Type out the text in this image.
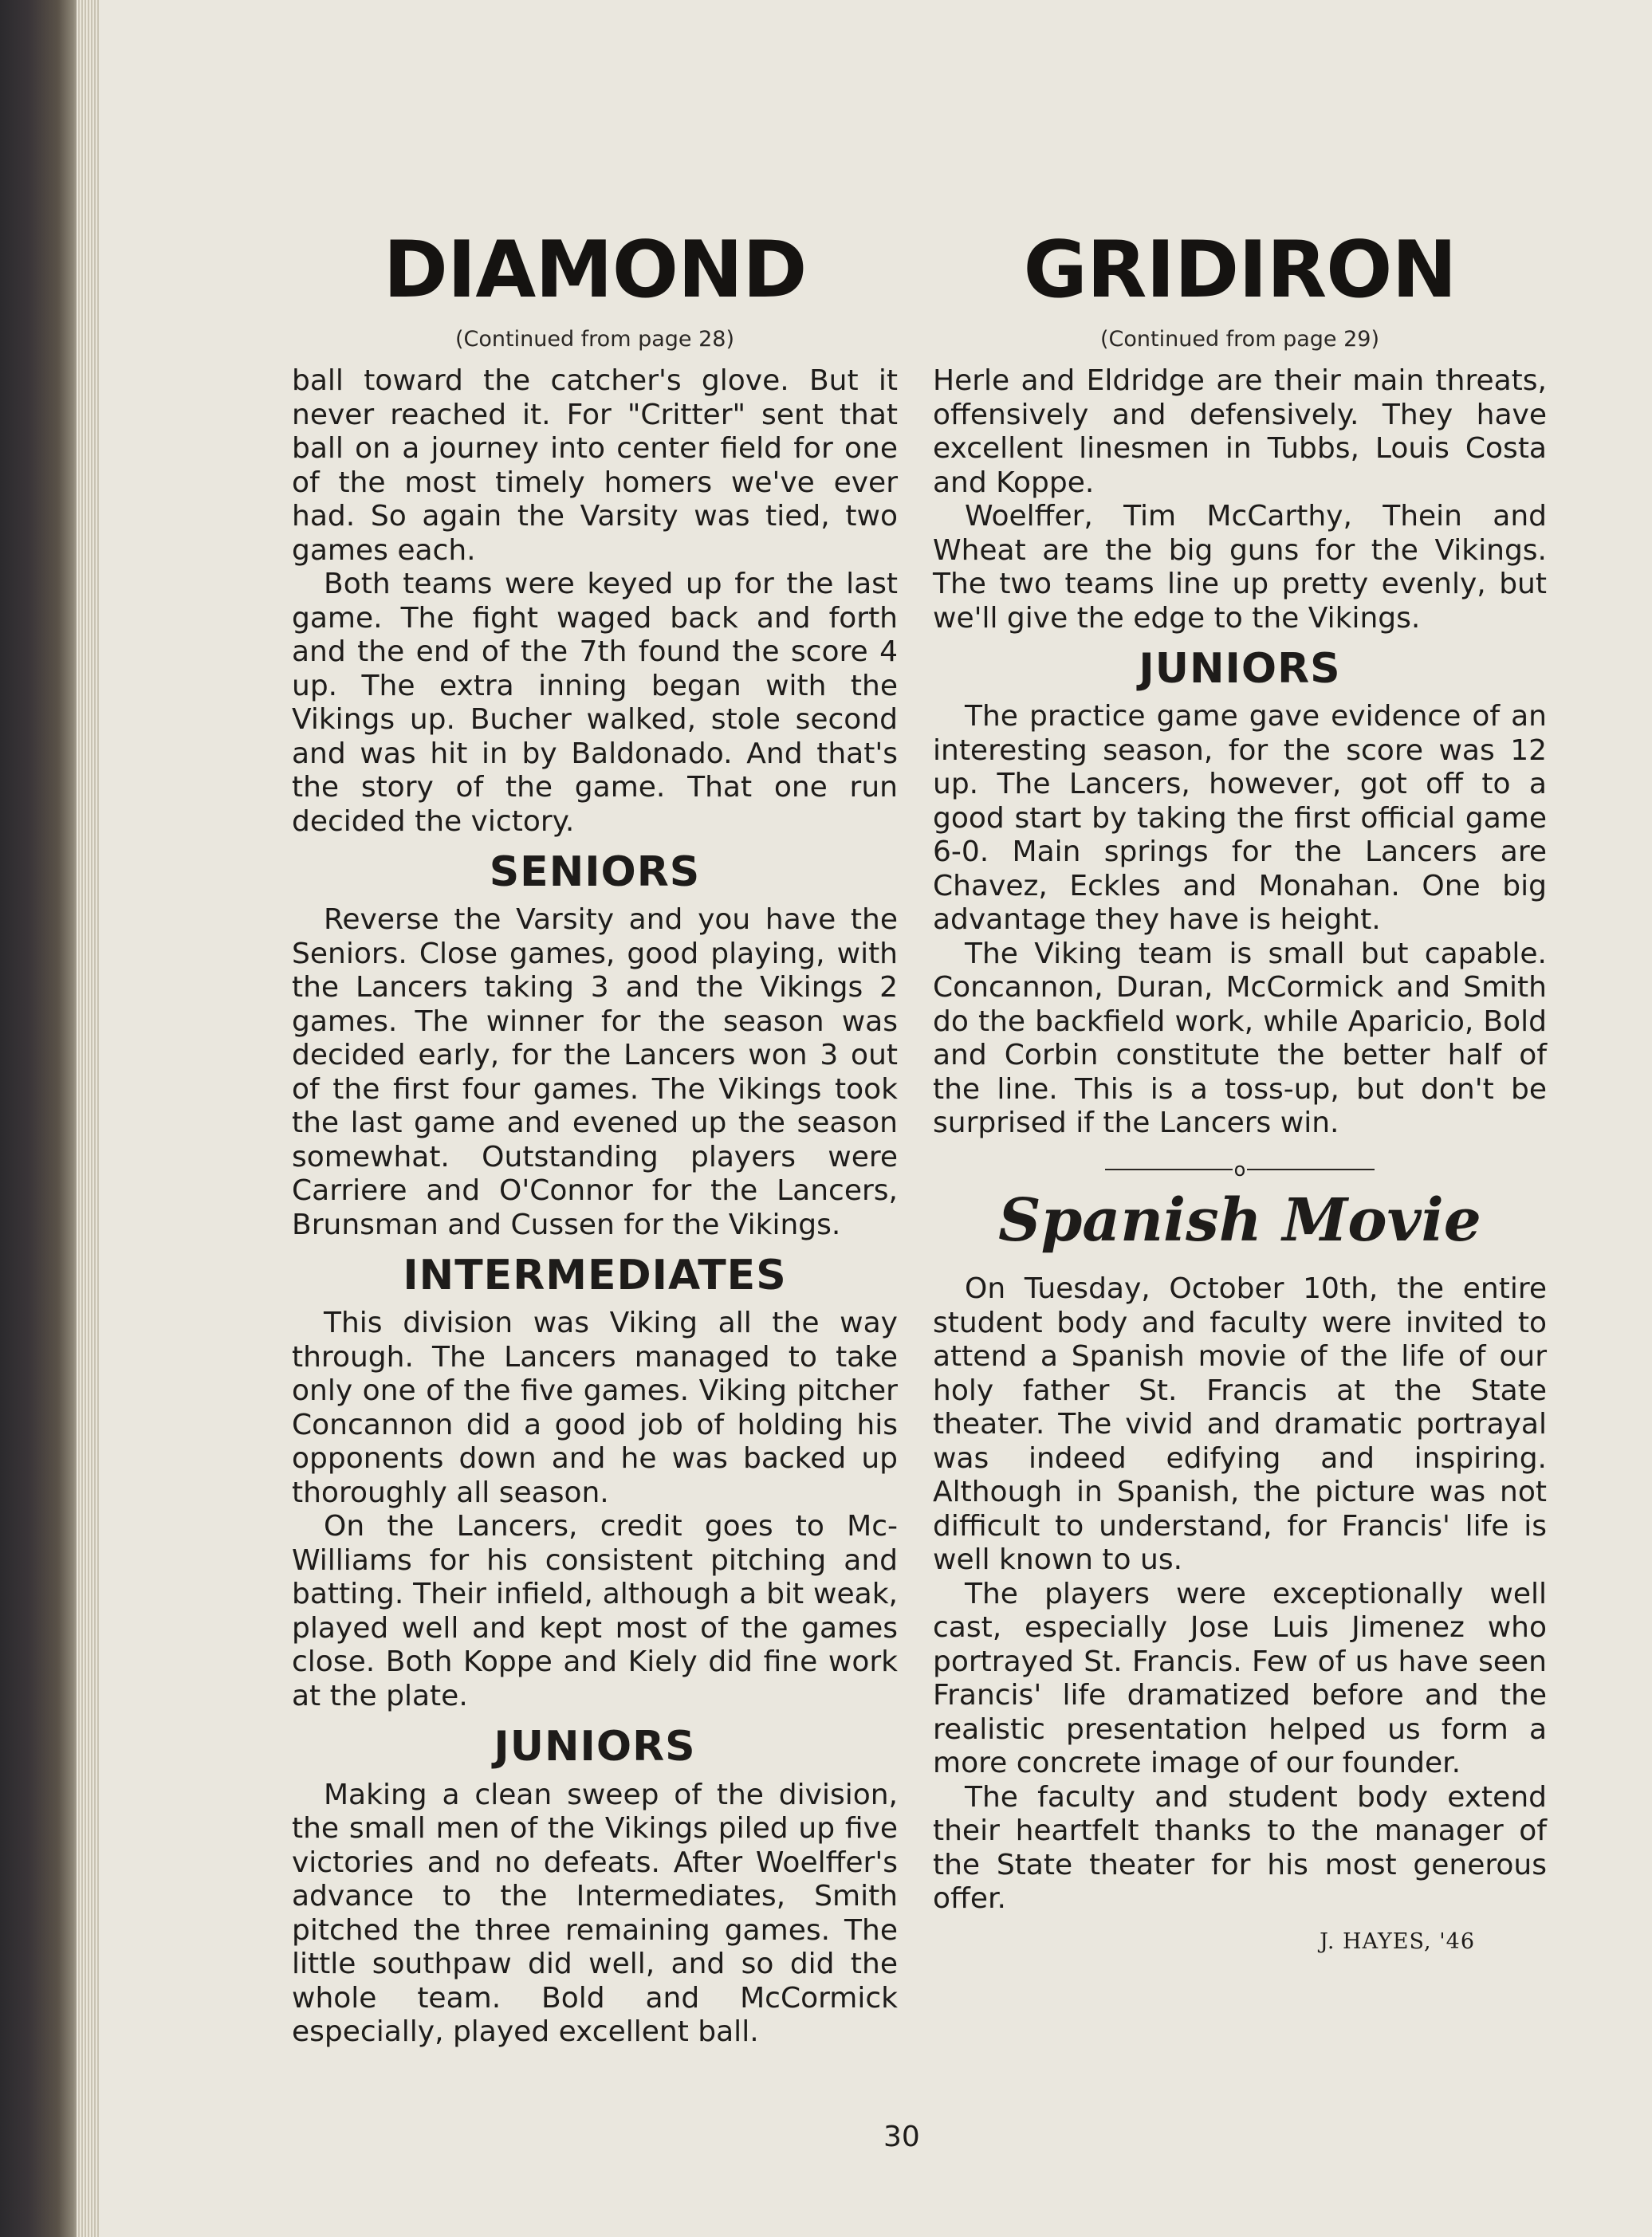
DIAMOND
(Continued from page 28)

ball toward the catcher's glove. But it never reached it. For "Critter" sent that ball on a journey into center field for one of the most timely homers we've ever had. So again the Varsity was tied, two games each.

Both teams were keyed up for the last game. The fight waged back and forth and the end of the 7th found the score 4 up. The extra inning began with the Vikings up. Bucher walked, stole second and was hit in by Baldonado. And that's the story of the game. That one run decided the victory.

SENIORS

Reverse the Varsity and you have the Seniors. Close games, good playing, with the Lancers taking 3 and the Vikings 2 games. The winner for the season was decided early, for the Lancers won 3 out of the first four games. The Vikings took the last game and evened up the season somewhat. Outstanding players were Carriere and O'Connor for the Lancers, Brunsman and Cussen for the Vikings.

INTERMEDIATES

This division was Viking all the way through. The Lancers managed to take only one of the five games. Viking pitcher Concannon did a good job of holding his opponents down and he was backed up thoroughly all season.

On the Lancers, credit goes to McWilliams for his consistent pitching and batting. Their infield, although a bit weak, played well and kept most of the games close. Both Koppe and Kiely did fine work at the plate.

JUNIORS

Making a clean sweep of the division, the small men of the Vikings piled up five victories and no defeats. After Woelffer's advance to the Intermediates, Smith pitched the three remaining games. The little southpaw did well, and so did the whole team. Bold and McCormick especially, played excellent ball.

GRIDIRON
(Continued from page 29)

Herle and Eldridge are their main threats, offensively and defensively. They have excellent linesmen in Tubbs, Louis Costa and Koppe.

Woelffer, Tim McCarthy, Thein and Wheat are the big guns for the Vikings. The two teams line up pretty evenly, but we'll give the edge to the Vikings.

JUNIORS

The practice game gave evidence of an interesting season, for the score was 12 up. The Lancers, however, got off to a good start by taking the first official game 6-0. Main springs for the Lancers are Chavez, Eckles and Monahan. One big advantage they have is height.

The Viking team is small but capable. Concannon, Duran, McCormick and Smith do the backfield work, while Aparicio, Bold and Corbin constitute the better half of the line. This is a toss-up, but don't be surprised if the Lancers win.

o
Spanish Movie

On Tuesday, October 10th, the entire student body and faculty were invited to attend a Spanish movie of the life of our holy father St. Francis at the State theater. The vivid and dramatic portrayal was indeed edifying and inspiring. Although in Spanish, the picture was not difficult to understand, for Francis' life is well known to us.

The players were exceptionally well cast, especially Jose Luis Jimenez who portrayed St. Francis. Few of us have seen Francis' life dramatized before and the realistic presentation helped us form a more concrete image of our founder.

The faculty and student body extend their heartfelt thanks to the manager of the State theater for his most generous offer.

J. HAYES, '46
30
